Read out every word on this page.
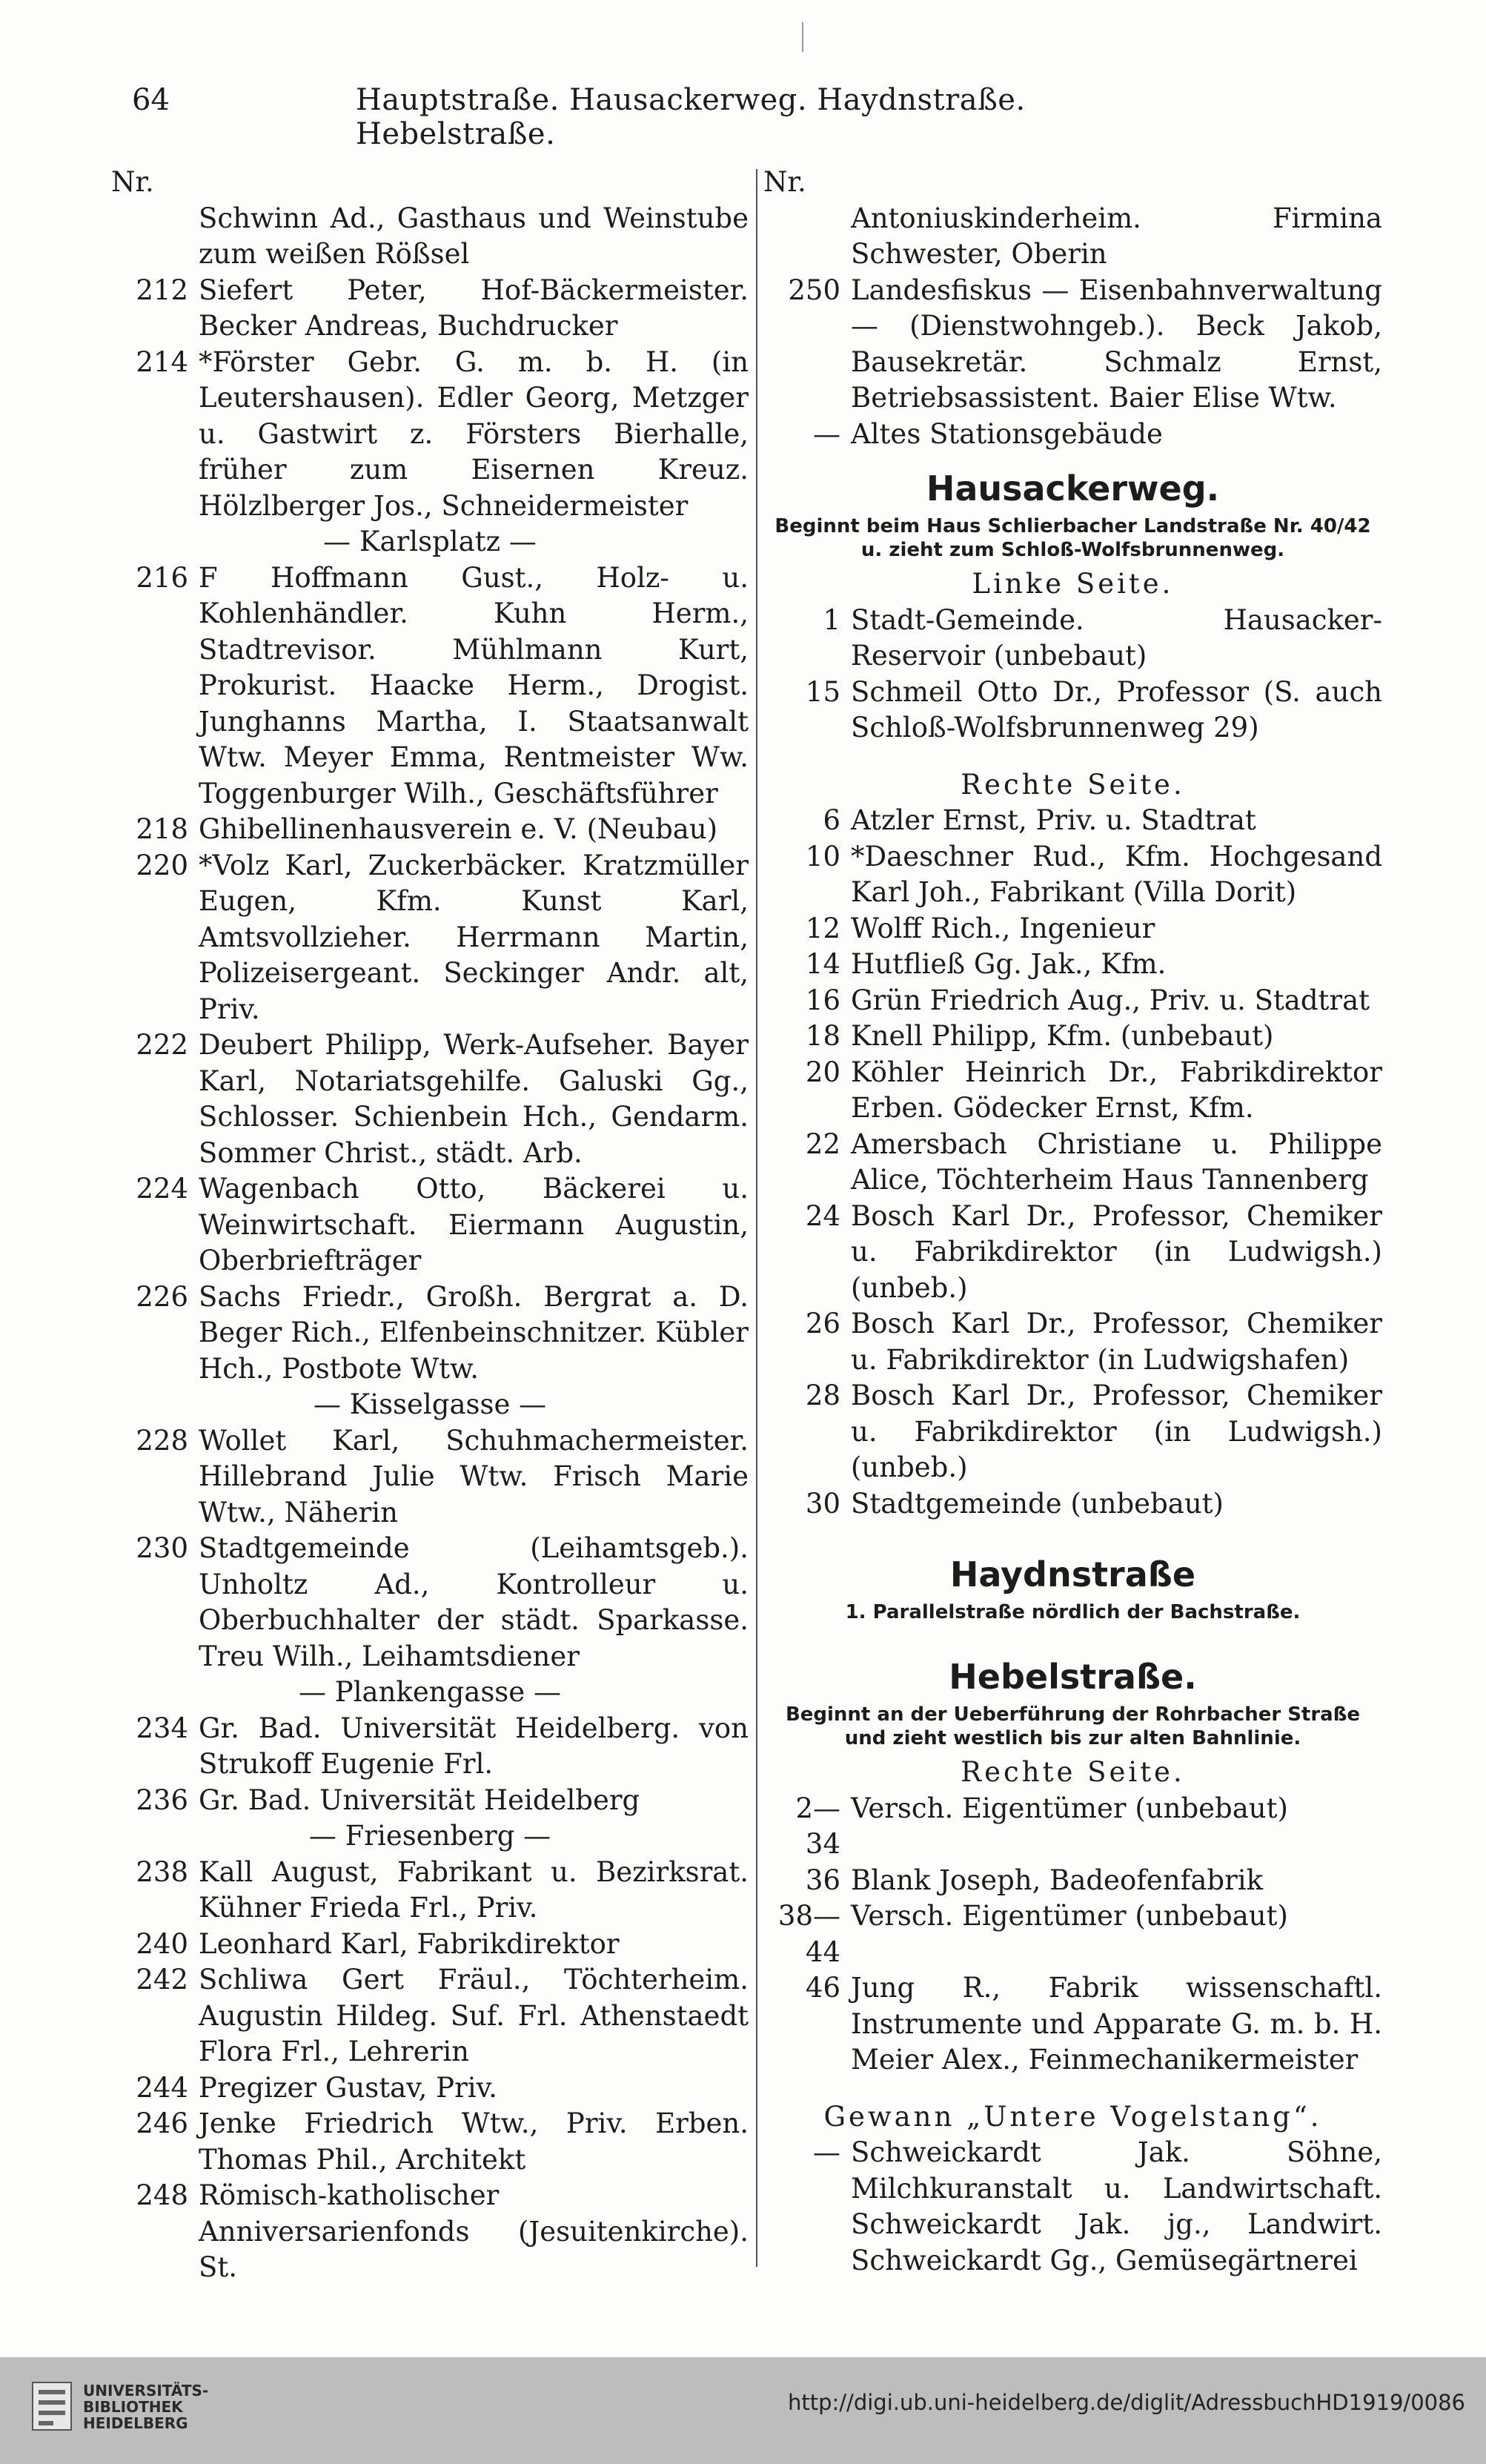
64	Hauptstraße. Hausackerweg. Haydnstraße. Hebelstraße.
Nr.
Schwinn Ad., Gasthaus und Weinstube zum weißen Rößsel
212 Siefert Peter, Hof-Bäckermeister. Becker Andreas, Buchdrucker
214 *Förster Gebr. G. m. b. H. (in Leutershausen). Edler Georg, Metzger u. Gastwirt z. Försters Bierhalle, früher zum Eisernen Kreuz. Hölzlberger Jos., Schneidermeister
— Karlsplatz —
216 F Hoffmann Gust., Holz- u. Kohlenhändler. Kuhn Herm., Stadtrevisor. Mühlmann Kurt, Prokurist. Haacke Herm., Drogist. Junghanns Martha, I. Staatsanwalt Wtw. Meyer Emma, Rentmeister Ww. Toggenburger Wilh., Geschäftsführer
218 Ghibellinenhausverein e. V. (Neubau)
220 *Volz Karl, Zuckerbäcker. Kratzmüller Eugen, Kfm. Kunst Karl, Amtsvollzieher. Herrmann Martin, Polizeisergeant. Seckinger Andr. alt, Priv.
222 Deubert Philipp, Werk-Aufseher. Bayer Karl, Notariatsgehilfe. Galuski Gg., Schlosser. Schienbein Hch., Gendarm. Sommer Christ., städt. Arb.
224 Wagenbach Otto, Bäckerei u. Weinwirtschaft. Eiermann Augustin, Oberbriefträger
226 Sachs Friedr., Großh. Bergrat a. D. Beger Rich., Elfenbeinschnitzer. Kübler Hch., Postbote Wtw.
— Kisselgasse —
228 Wollet Karl, Schuhmachermeister. Hillebrand Julie Wtw. Frisch Marie Wtw., Näherin
230 Stadtgemeinde (Leihamtsgeb.). Unholtz Ad., Kontrolleur u. Oberbuchhalter der städt. Sparkasse. Treu Wilh., Leihamtsdiener
— Plankengasse —
234 Gr. Bad. Universität Heidelberg. von Strukoff Eugenie Frl.
236 Gr. Bad. Universität Heidelberg
— Friesenberg —
238 Kall August, Fabrikant u. Bezirksrat. Kühner Frieda Frl., Priv.
240 Leonhard Karl, Fabrikdirektor
242 Schliwa Gert Fräul., Töchterheim. Augustin Hildeg. Suf. Frl. Athenstaedt Flora Frl., Lehrerin
244 Pregizer Gustav, Priv.
246 Jenke Friedrich Wtw., Priv. Erben. Thomas Phil., Architekt
248 Römisch-katholischer Anniversarienfonds (Jesuitenkirche). St.
Nr.
Antoniuskinderheim. Firmina Schwester, Oberin
250 Landesfiskus — Eisenbahnverwaltung — (Dienstwohngeb.). Beck Jakob, Bausekretär. Schmalz Ernst, Betriebsassistent. Baier Elise Wtw.
— Altes Stationsgebäude
Hausackerweg.
Beginnt beim Haus Schlierbacher Landstraße Nr. 40/42 u. zieht zum Schloß-Wolfsbrunnenweg.
Linke Seite.
1 Stadt-Gemeinde. Hausacker-Reservoir (unbebaut)
15 Schmeil Otto Dr., Professor (S. auch Schloß-Wolfsbrunnenweg 29)
Rechte Seite.
6 Atzler Ernst, Priv. u. Stadtrat
10 *Daeschner Rud., Kfm. Hochgesand Karl Joh., Fabrikant (Villa Dorit)
12 Wolff Rich., Ingenieur
14 Hutfließ Gg. Jak., Kfm.
16 Grün Friedrich Aug., Priv. u. Stadtrat
18 Knell Philipp, Kfm. (unbebaut)
20 Köhler Heinrich Dr., Fabrikdirektor Erben. Gödecker Ernst, Kfm.
22 Amersbach Christiane u. Philippe Alice, Töchterheim Haus Tannenberg
24 Bosch Karl Dr., Professor, Chemiker u. Fabrikdirektor (in Ludwigsh.) (unbeb.)
26 Bosch Karl Dr., Professor, Chemiker u. Fabrikdirektor (in Ludwigshafen)
28 Bosch Karl Dr., Professor, Chemiker u. Fabrikdirektor (in Ludwigsh.) (unbeb.)
30 Stadtgemeinde (unbebaut)
Haydnstraße
1. Parallelstraße nördlich der Bachstraße.
Hebelstraße.
Beginnt an der Ueberführung der Rohrbacher Straße und zieht westlich bis zur alten Bahnlinie.
Rechte Seite.
2—34
Versch. Eigentümer (unbebaut)
36 Blank Joseph, Badeofenfabrik
38—44
Versch. Eigentümer (unbebaut)
46 Jung R., Fabrik wissenschaftl. Instrumente und Apparate G. m. b. H. Meier Alex., Feinmechanikermeister
Gewann „Untere Vogelstang“.
— Schweickardt Jak. Söhne, Milchkuranstalt u. Landwirtschaft. Schweickardt Jak. jg., Landwirt. Schweickardt Gg., Gemüsegärtnerei
UNIVERSITÄTS-
BIBLIOTHEK
HEIDELBERG
http://digi.ub.uni-heidelberg.de/diglit/AdressbuchHD1919/0086
